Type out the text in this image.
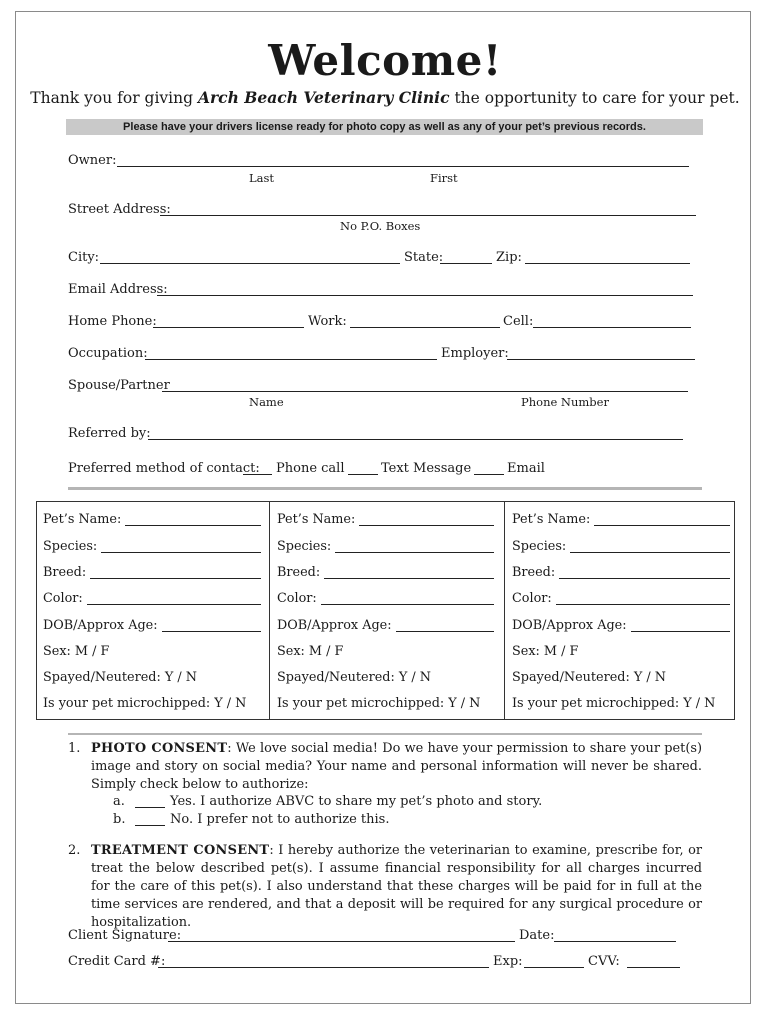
Welcome!
Thank you for giving Arch Beach Veterinary Clinic the opportunity to care for your pet.
Please have your drivers license ready for photo copy as well as any of your pet’s previous records.
Owner:
Last	First
Street Address:
No P.O. Boxes
City:	State:	Zip:
Email Address:
Home Phone:	Work:	Cell:
Occupation:	Employer:
Spouse/Partner
Name	Phone Number
Referred by:
Preferred method of contact: Phone call	Text Message	Email
Pet’s Name:
Species:
Breed:
Color:
DOB/Approx Age:
Sex: M / F
Spayed/Neutered: Y / N
Is your pet microchipped: Y / N
Pet’s Name:
Species:
Breed:
Color:
DOB/Approx Age:
Sex: M / F
Spayed/Neutered: Y / N
Is your pet microchipped: Y / N
Pet’s Name:
Species:
Breed:
Color:
DOB/Approx Age:
Sex: M / F
Spayed/Neutered: Y / N
Is your pet microchipped: Y / N
1. PHOTO CONSENT: We love social media! Do we have your permission to share your pet(s) image and story on social media? Your name and personal information will never be shared. Simply check below to authorize:
a.	Yes. I authorize ABVC to share my pet’s photo and story.
b.	No. I prefer not to authorize this.
2. TREATMENT CONSENT: I hereby authorize the veterinarian to examine, prescribe for, or treat the below described pet(s). I assume financial responsibility for all charges incurred for the care of this pet(s). I also understand that these charges will be paid for in full at the time services are rendered, and that a deposit will be required for any surgical procedure or hospitalization.
Client Signature:	Date:
Credit Card #:	Exp:	CVV:
